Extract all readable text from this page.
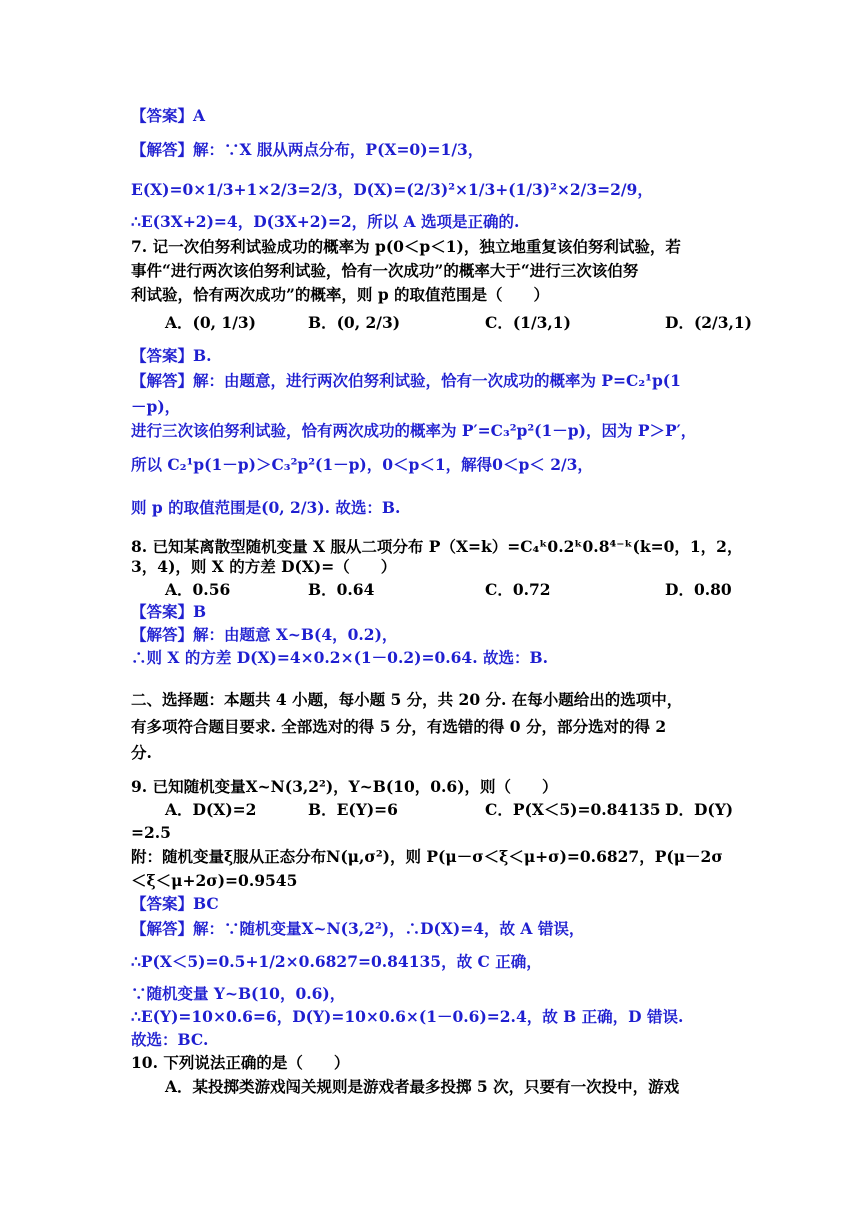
【答案】A
【解答】解：∵X 服从两点分布，P(X=0)=1/3，
E(X)=0×1/3+1×2/3=2/3，D(X)=(2/3)²×1/3+(1/3)²×2/3=2/9，
∴E(3X+2)=4，D(3X+2)=2，所以 A 选项是正确的.
7. 记一次伯努利试验成功的概率为 p(0＜p＜1)，独立地重复该伯努利试验，若
事件“进行两次该伯努利试验，恰有一次成功”的概率大于“进行三次该伯努
利试验，恰有两次成功”的概率，则 p 的取值范围是（　　）
【答案】B.
【解答】解：由题意，进行两次伯努利试验，恰有一次成功的概率为 P=C₂¹p(1
－p)，
进行三次该伯努利试验，恰有两次成功的概率为 P′=C₃²p²(1－p)，因为 P＞P′，
所以 C₂¹p(1－p)＞C₃²p²(1－p)，0＜p＜1，解得0＜p＜ 2/3，
则 p 的取值范围是(0, 2/3). 故选：B.
8. 已知某离散型随机变量 X 服从二项分布 P（X=k）=C₄ᵏ0.2ᵏ0.8⁴⁻ᵏ(k=0，1，2，
3，4)，则 X 的方差 D(X)=（　　）
【答案】B
【解答】解：由题意 X~B(4，0.2)，
∴则 X 的方差 D(X)=4×0.2×(1－0.2)=0.64. 故选：B.
二、选择题：本题共 4 小题，每小题 5 分，共 20 分. 在每小题给出的选项中，
有多项符合题目要求. 全部选对的得 5 分，有选错的得 0 分，部分选对的得 2
分.
9. 已知随机变量X~N(3,2²)，Y~B(10，0.6)，则（　　）
=2.5
附：随机变量ξ服从正态分布N(μ,σ²)，则 P(μ－σ＜ξ＜μ+σ)=0.6827，P(μ－2σ
＜ξ＜μ+2σ)=0.9545
【答案】BC
【解答】解：∵随机变量X~N(3,2²)，∴D(X)=4，故 A 错误，
∴P(X＜5)=0.5+1/2×0.6827=0.84135，故 C 正确，
∵随机变量 Y~B(10，0.6)，
∴E(Y)=10×0.6=6，D(Y)=10×0.6×(1－0.6)=2.4，故 B 正确，D 错误.
故选：BC.
10. 下列说法正确的是（　　）
A．(0, 1/3)	B．(0, 2/3)	C．(1/3,1)	D．(2/3,1)
A．0.56	B．0.64	C．0.72	D．0.80
A．D(X)=2	B．E(Y)=6	C．P(X＜5)=0.84135 D．D(Y)
A．某投掷类游戏闯关规则是游戏者最多投掷 5 次，只要有一次投中，游戏
